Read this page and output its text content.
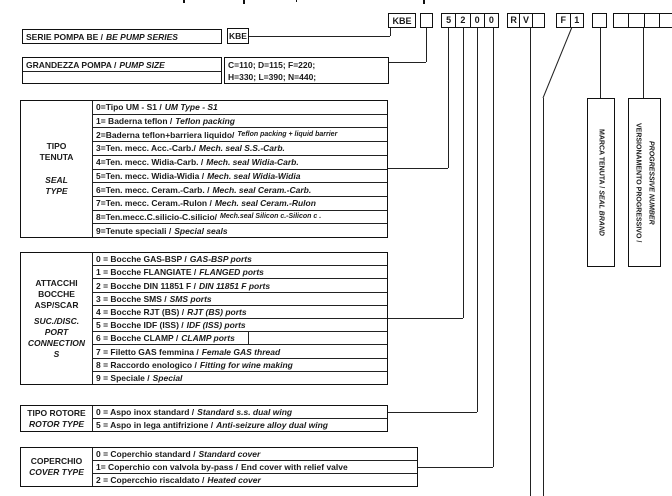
KBE	5	2	0	0	R V	F 1
SERIE POMPA BE / BE PUMP SERIES	KBE
GRANDEZZA POMPA / PUMP SIZE	C=110; D=115; F=220;
H=330; L=390; N=440;
TIPO
TENUTA
SEAL
TYPE
0=Tipo UM - S1 / UM Type - S1
1= Baderna teflon / Teflon packing
2=Baderna teflon+barriera liquido/ Teflon packing + liquid barrier
3=Ten. mecc. Acc.-Carb./ Mech. seal S.S.-Carb.
4=Ten. mecc. Widia-Carb. / Mech. seal Widia-Carb.
5=Ten. mecc. Widia-Widia / Mech. seal Widia-Widia
6=Ten. mecc. Ceram.-Carb. / Mech. seal Ceram.-Carb.
7=Ten. mecc. Ceram.-Rulon / Mech. seal Ceram.-Rulon
8=Ten.mecc.C.silicio-C.silicio/ Mech.seal Silicon c.-Silicon c .
9=Tenute speciali / Special seals
ATTACCHI
BOCCHE
ASP/SCAR
SUC./DISC.
PORT
CONNECTION
S
0 = Bocche GAS-BSP / GAS-BSP ports
1 = Bocche FLANGIATE / FLANGED ports
2 = Bocche DIN 11851 F / DIN 11851 F ports
3 = Bocche SMS / SMS ports
4 = Bocche RJT (BS) / RJT (BS) ports
5 = Bocche IDF (ISS) / IDF (ISS) ports
6 = Bocche CLAMP / CLAMP ports
7 = Filetto GAS femmina / Female GAS thread
8 = Raccordo enologico / Fitting for wine making
9 = Speciale / Special
TIPO ROTORE
ROTOR TYPE
0 = Aspo inox standard / Standard s.s. dual wing
5 = Aspo in lega antifrizione / Anti-seizure alloy dual wing
COPERCHIO
COVER TYPE
0 = Coperchio standard / Standard cover
1= Coperchio con valvola by-pass / End cover with relief valve
2 = Copercchio riscaldato / Heated cover
MARCA TENUTA / SEAL BRAND	VERSIONAMENTO PROGRESSIVO / PROGRESSIVE NUMBER
